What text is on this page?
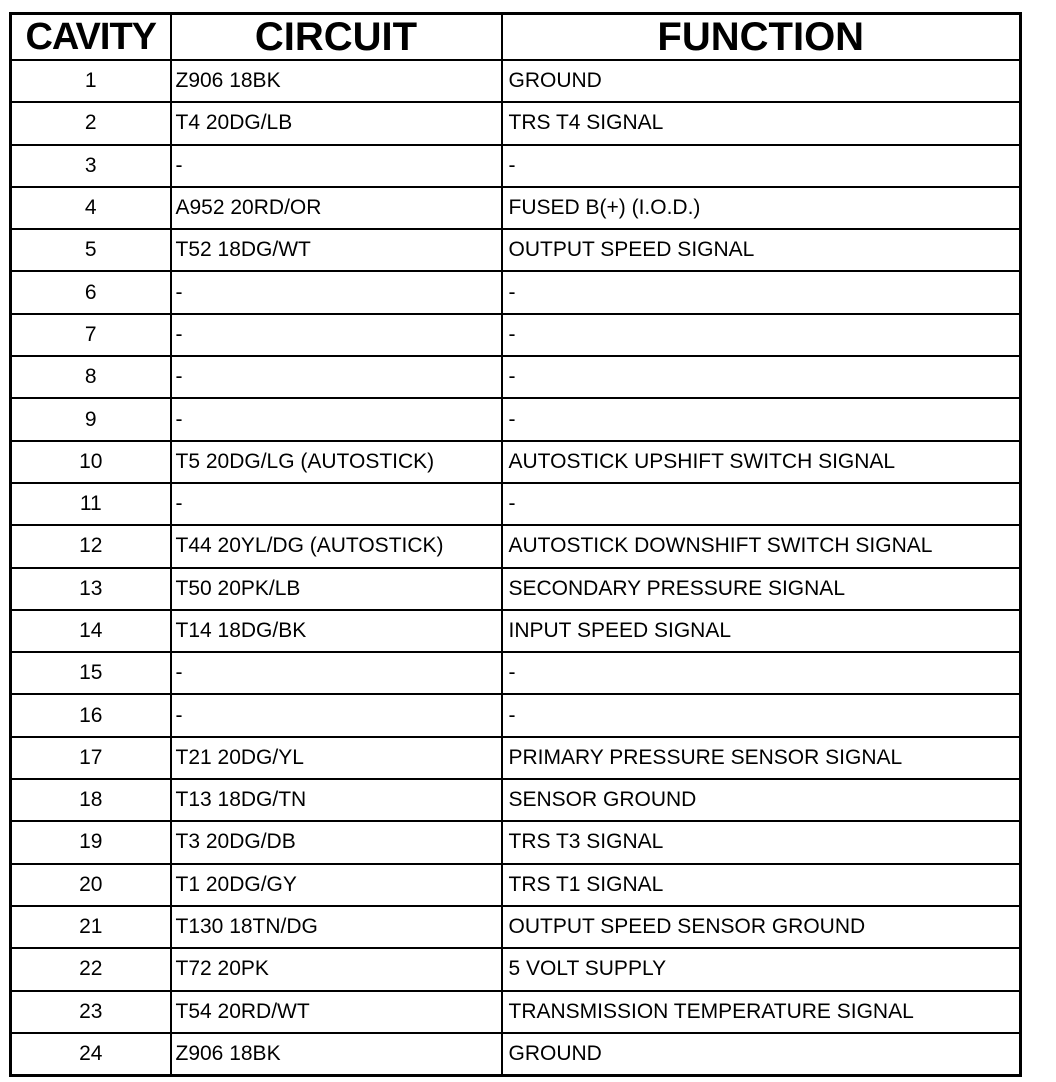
CAVITY	CIRCUIT	FUNCTION
1	Z906 18BK	GROUND
2	T4 20DG/LB	TRS T4 SIGNAL
3	-	-
4	A952 20RD/OR	FUSED B(+) (I.O.D.)
5	T52 18DG/WT	OUTPUT SPEED SIGNAL
6	-	-
7	-	-
8	-	-
9	-	-
10	T5 20DG/LG (AUTOSTICK)	AUTOSTICK UPSHIFT SWITCH SIGNAL
11	-	-
12	T44 20YL/DG (AUTOSTICK)	AUTOSTICK DOWNSHIFT SWITCH SIGNAL
13	T50 20PK/LB	SECONDARY PRESSURE SIGNAL
14	T14 18DG/BK	INPUT SPEED SIGNAL
15	-	-
16	-	-
17	T21 20DG/YL	PRIMARY PRESSURE SENSOR SIGNAL
18	T13 18DG/TN	SENSOR GROUND
19	T3 20DG/DB	TRS T3 SIGNAL
20	T1 20DG/GY	TRS T1 SIGNAL
21	T130 18TN/DG	OUTPUT SPEED SENSOR GROUND
22	T72 20PK	5 VOLT SUPPLY
23	T54 20RD/WT	TRANSMISSION TEMPERATURE SIGNAL
24	Z906 18BK	GROUND
